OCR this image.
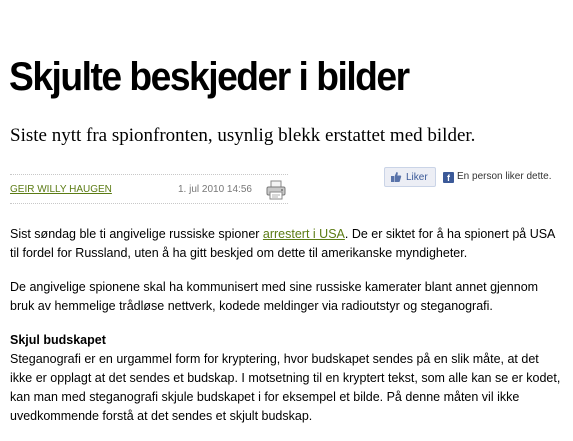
Skjulte beskjeder i bilder

Siste nytt fra spionfronten, usynlig blekk erstattet med bilder.

GEIR WILLY HAUGEN	1. jul 2010 14:56
Liker	f En person liker dette.

Sist søndag ble ti angivelige russiske spioner arrestert i USA. De er siktet for å ha spionert på USA til fordel for Russland, uten å ha gitt beskjed om dette til amerikanske myndigheter.

De angivelige spionene skal ha kommunisert med sine russiske kamerater blant annet gjennom bruk av hemmelige trådløse nettverk, kodede meldinger via radioutstyr og steganografi.

Skjul budskapet

Steganografi er en urgammel form for kryptering, hvor budskapet sendes på en slik måte, at det ikke er opplagt at det sendes et budskap. I motsetning til en kryptert tekst, som alle kan se er kodet, kan man med steganografi skjule budskapet i for eksempel et bilde. På denne måten vil ikke uvedkommende forstå at det sendes et skjult budskap.
